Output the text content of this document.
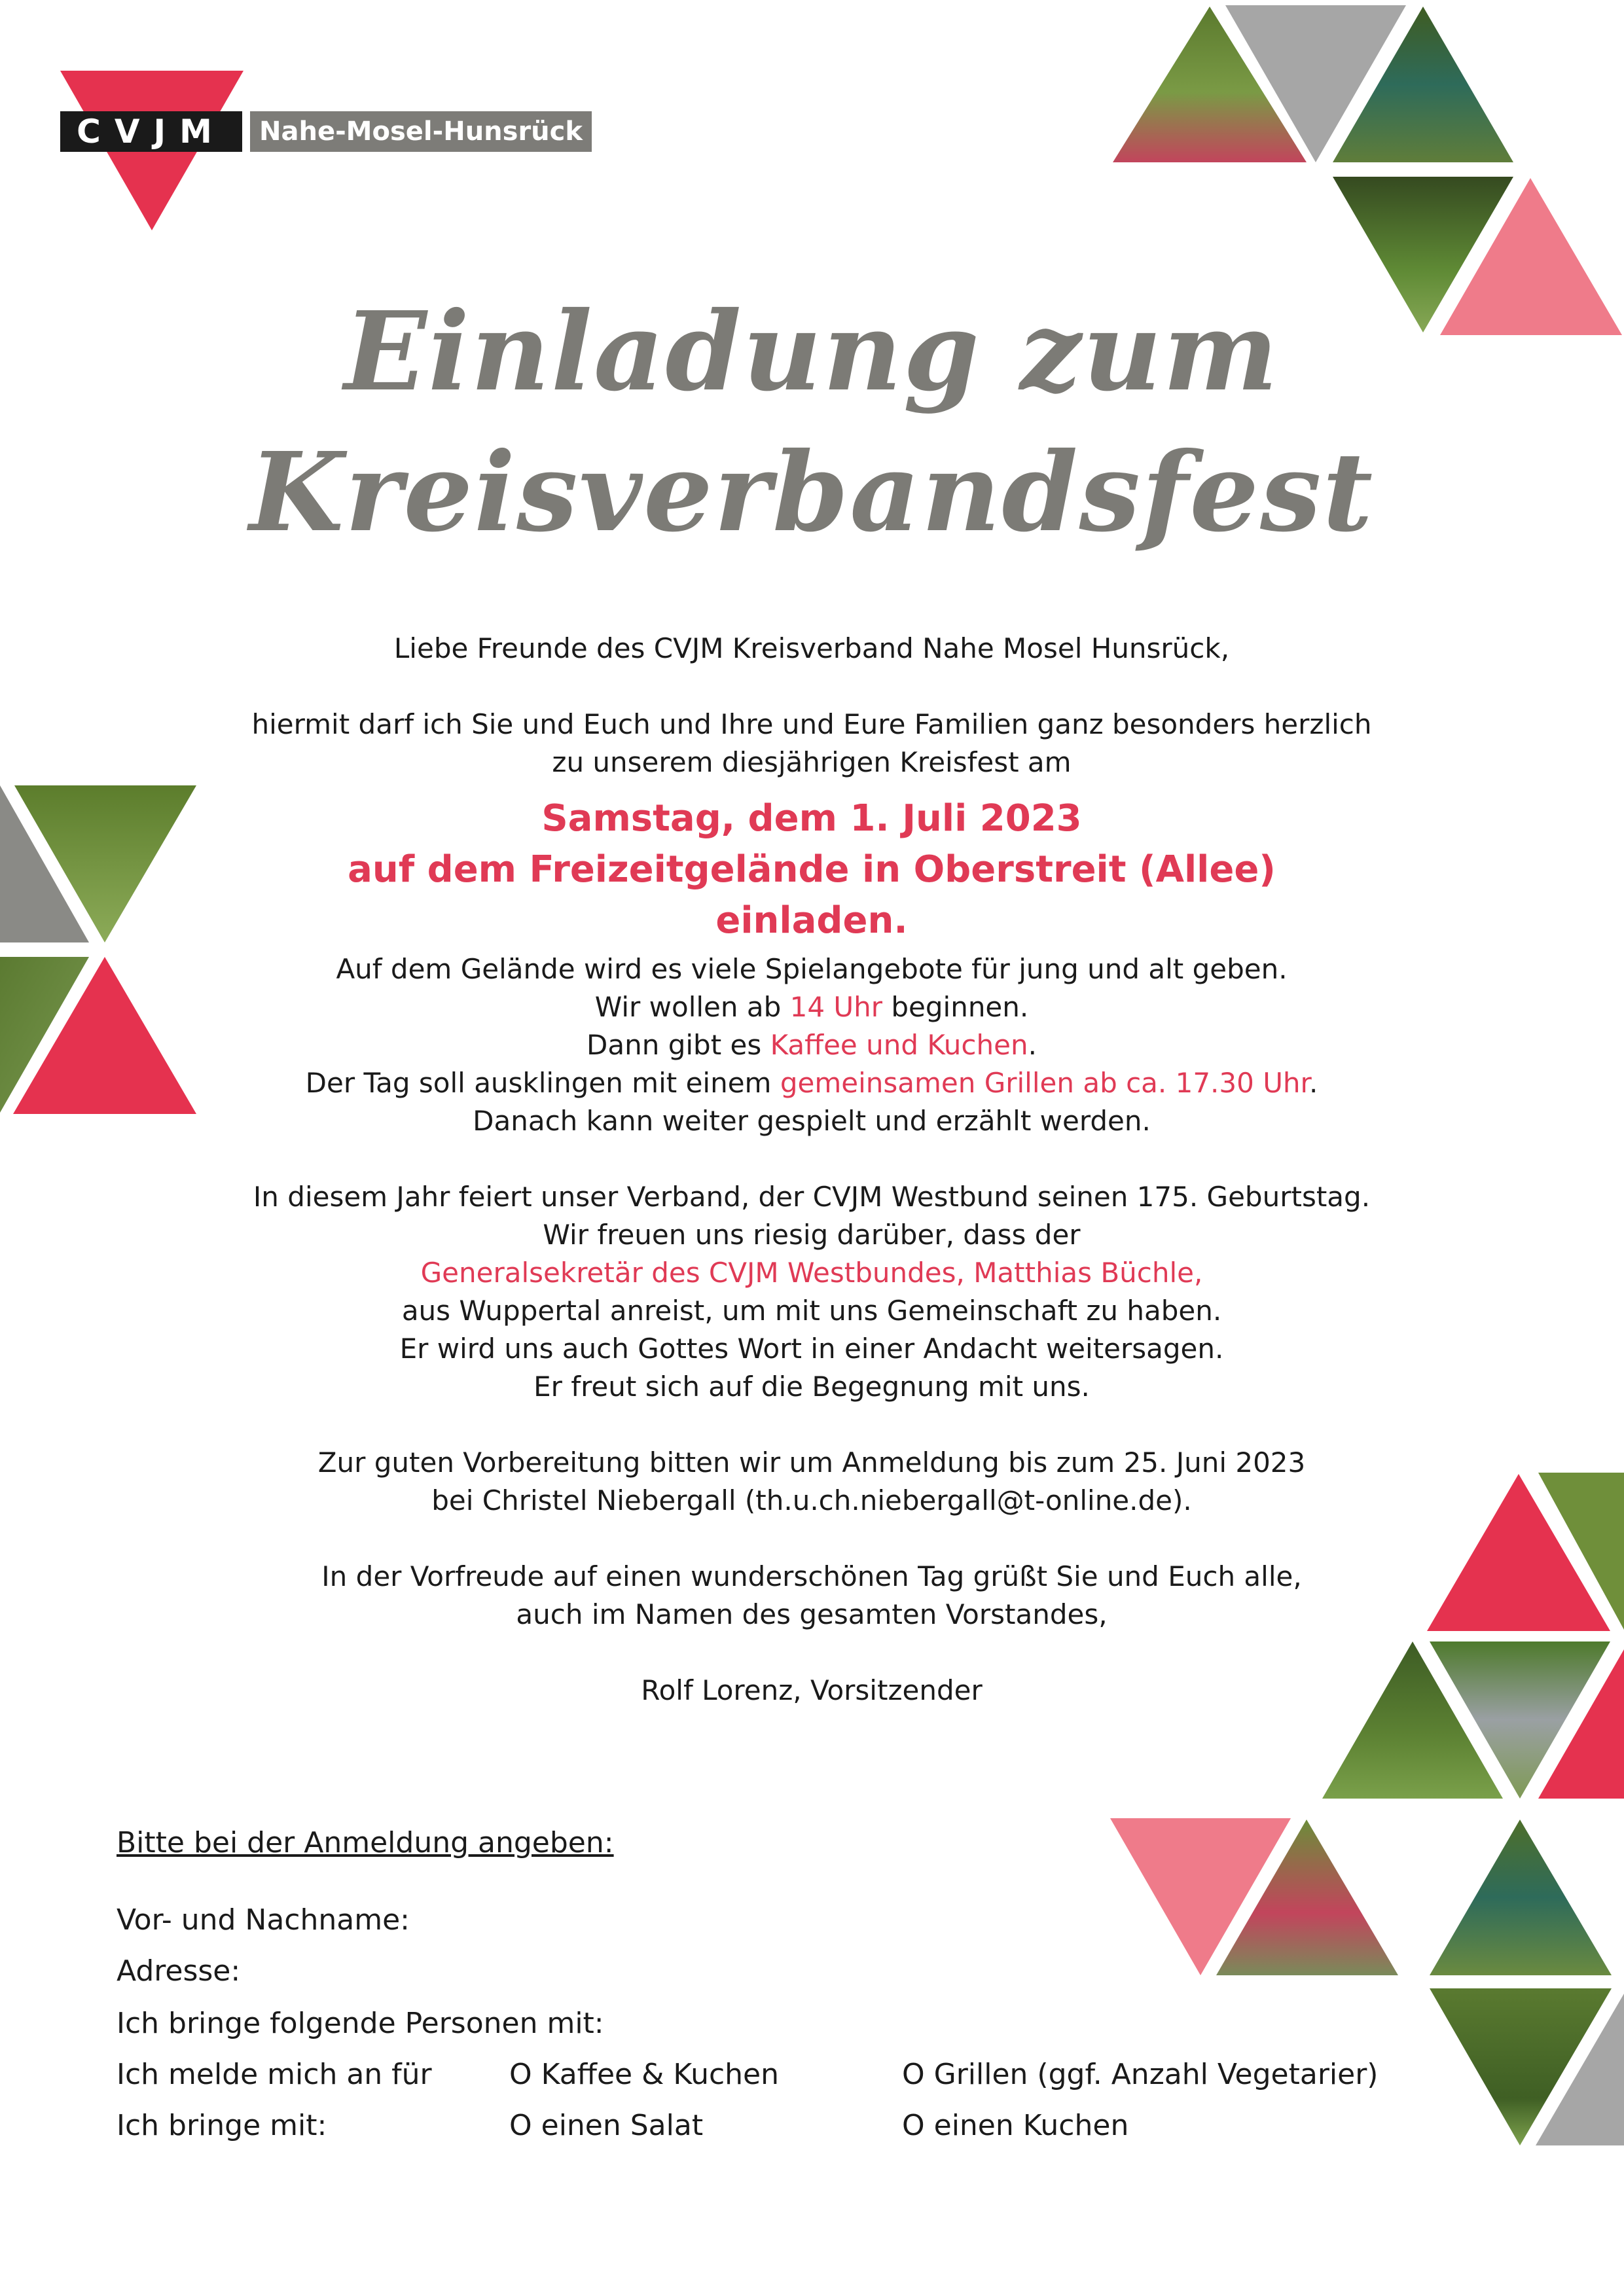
CVJM	Nahe-Mosel-Hunsrück
Einladung zum
Kreisverbandsfest

Liebe Freunde des CVJM Kreisverband Nahe Mosel Hunsrück,

hiermit darf ich Sie und Euch und Ihre und Eure Familien ganz besonders herzlich

zu unserem diesjährigen Kreisfest am

Samstag, dem 1. Juli 2023

auf dem Freizeitgelände in Oberstreit (Allee)

einladen.

Auf dem Gelände wird es viele Spielangebote für jung und alt geben.

Wir wollen ab 14 Uhr beginnen.

Dann gibt es Kaffee und Kuchen.

Der Tag soll ausklingen mit einem gemeinsamen Grillen ab ca. 17.30 Uhr.

Danach kann weiter gespielt und erzählt werden.

In diesem Jahr feiert unser Verband, der CVJM Westbund seinen 175. Geburtstag.

Wir freuen uns riesig darüber, dass der

Generalsekretär des CVJM Westbundes, Matthias Büchle,

aus Wuppertal anreist, um mit uns Gemeinschaft zu haben.

Er wird uns auch Gottes Wort in einer Andacht weitersagen.

Er freut sich auf die Begegnung mit uns.

Zur guten Vorbereitung bitten wir um Anmeldung bis zum 25. Juni 2023

bei Christel Niebergall (th.u.ch.niebergall@t-online.de).

In der Vorfreude auf einen wunderschönen Tag grüßt Sie und Euch alle,

auch im Namen des gesamten Vorstandes,

Rolf Lorenz, Vorsitzender

Bitte bei der Anmeldung angeben:
Vor- und Nachname:
Adresse:
Ich bringe folgende Personen mit:
Ich melde mich an für	O Kaffee & Kuchen	O Grillen (ggf. Anzahl Vegetarier)
Ich bringe mit:	O einen Salat	O einen Kuchen
